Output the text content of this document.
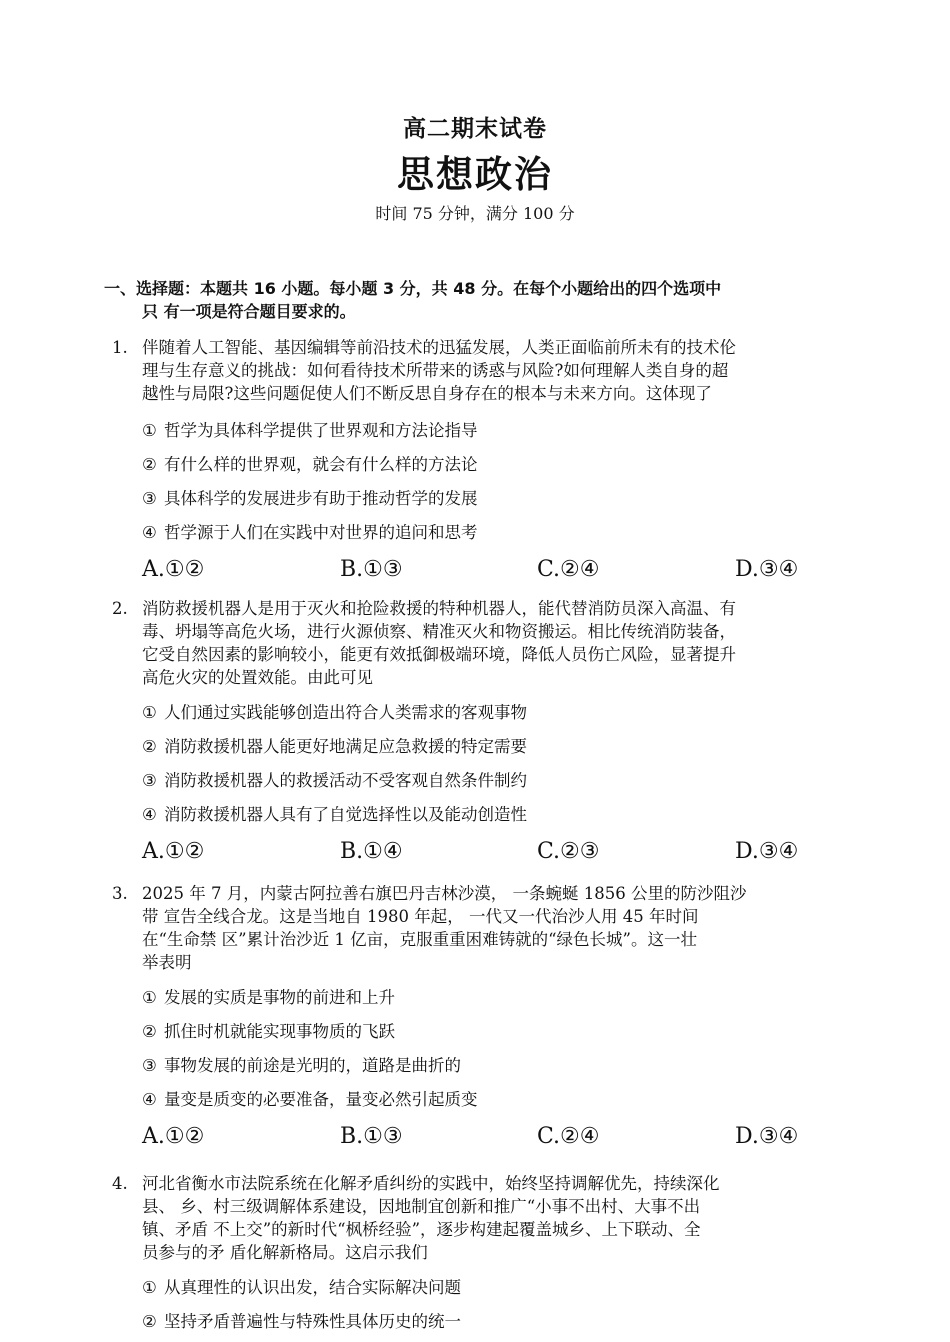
高二期末试卷
思想政治
时间 75 分钟，满分 100 分
一、选择题：本题共 16 小题。每小题 3 分，共 48 分。在每个小题给出的四个选项中
只 有一项是符合题目要求的。
1. 伴随着人工智能、基因编辑等前沿技术的迅猛发展，人类正面临前所未有的技术伦
理与生存意义的挑战：如何看待技术所带来的诱惑与风险?如何理解人类自身的超
越性与局限?这些问题促使人们不断反思自身存在的根本与未来方向。这体现了
① 哲学为具体科学提供了世界观和方法论指导
② 有什么样的世界观，就会有什么样的方法论
③ 具体科学的发展进步有助于推动哲学的发展
④ 哲学源于人们在实践中对世界的追问和思考
A.①②	B.①③	C.②④	D.③④
2. 消防救援机器人是用于灭火和抢险救援的特种机器人，能代替消防员深入高温、有
毒、坍塌等高危火场，进行火源侦察、精准灭火和物资搬运。相比传统消防装备，
它受自然因素的影响较小，能更有效抵御极端环境，降低人员伤亡风险，显著提升
高危火灾的处置效能。由此可见
① 人们通过实践能够创造出符合人类需求的客观事物
② 消防救援机器人能更好地满足应急救援的特定需要
③ 消防救援机器人的救援活动不受客观自然条件制约
④ 消防救援机器人具有了自觉选择性以及能动创造性
A.①②	B.①④	C.②③	D.③④
3. 2025 年 7 月，内蒙古阿拉善右旗巴丹吉林沙漠， 一条蜿蜒 1856 公里的防沙阻沙
带 宣告全线合龙。这是当地自 1980 年起， 一代又一代治沙人用 45 年时间
在“生命禁 区”累计治沙近 1 亿亩，克服重重困难铸就的“绿色长城”。这一壮
举表明
① 发展的实质是事物的前进和上升
② 抓住时机就能实现事物质的飞跃
③ 事物发展的前途是光明的，道路是曲折的
④ 量变是质变的必要准备，量变必然引起质变
A.①②	B.①③	C.②④	D.③④
4. 河北省衡水市法院系统在化解矛盾纠纷的实践中，始终坚持调解优先，持续深化
县、 乡、村三级调解体系建设，因地制宜创新和推广“小事不出村、大事不出
镇、矛盾 不上交”的新时代“枫桥经验”，逐步构建起覆盖城乡、上下联动、全
员参与的矛 盾化解新格局。这启示我们
① 从真理性的认识出发，结合实际解决问题
② 坚持矛盾普遍性与特殊性具体历史的统一
